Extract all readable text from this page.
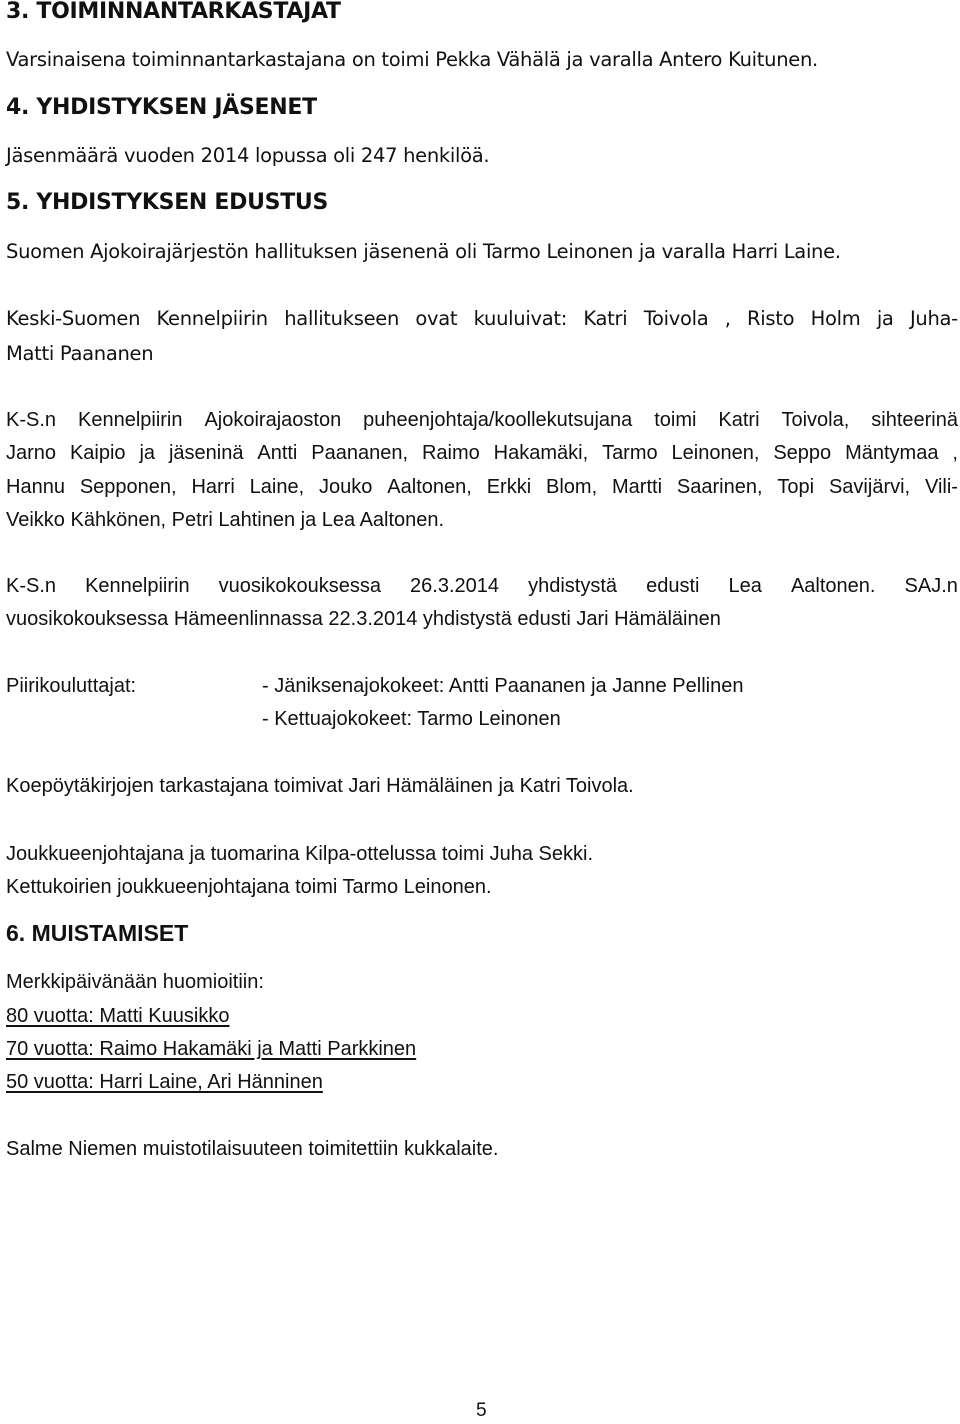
3. TOIMINNANTARKASTAJAT

Varsinaisena toiminnantarkastajana on toimi Pekka Vähälä ja varalla Antero Kuitunen.

4. YHDISTYKSEN JÄSENET

Jäsenmäärä vuoden 2014 lopussa oli 247 henkilöä.

5. YHDISTYKSEN EDUSTUS

Suomen Ajokoirajärjestön hallituksen jäsenenä oli Tarmo Leinonen ja varalla Harri Laine.

Keski-Suomen Kennelpiirin hallitukseen ovat kuuluivat: Katri Toivola , Risto Holm ja Juha-

Matti Paananen

K-S.n Kennelpiirin Ajokoirajaoston puheenjohtaja/koollekutsujana toimi Katri Toivola, sihteerinä
Jarno Kaipio ja jäseninä Antti Paananen, Raimo Hakamäki, Tarmo Leinonen, Seppo Mäntymaa ,
Hannu Sepponen, Harri Laine, Jouko Aaltonen, Erkki Blom, Martti Saarinen, Topi Savijärvi, Vili-

Veikko Kähkönen, Petri Lahtinen ja Lea Aaltonen.

K-S.n Kennelpiirin vuosikokouksessa 26.3.2014 yhdistystä edusti Lea Aaltonen. SAJ.n

vuosikokouksessa Hämeenlinnassa 22.3.2014 yhdistystä edusti Jari Hämäläinen

Piirikouluttajat:	- Jäniksenajokokeet: Antti Paananen ja Janne Pellinen

- Kettuajokokeet: Tarmo Leinonen

Koepöytäkirjojen tarkastajana toimivat Jari Hämäläinen ja Katri Toivola.

Joukkueenjohtajana ja tuomarina Kilpa-ottelussa toimi Juha Sekki.

Kettukoirien joukkueenjohtajana toimi Tarmo Leinonen.

6. MUISTAMISET

Merkkipäivänään huomioitiin:

80 vuotta: Matti Kuusikko

70 vuotta: Raimo Hakamäki ja Matti Parkkinen

50 vuotta: Harri Laine, Ari Hänninen

Salme Niemen muistotilaisuuteen toimitettiin kukkalaite.

5
